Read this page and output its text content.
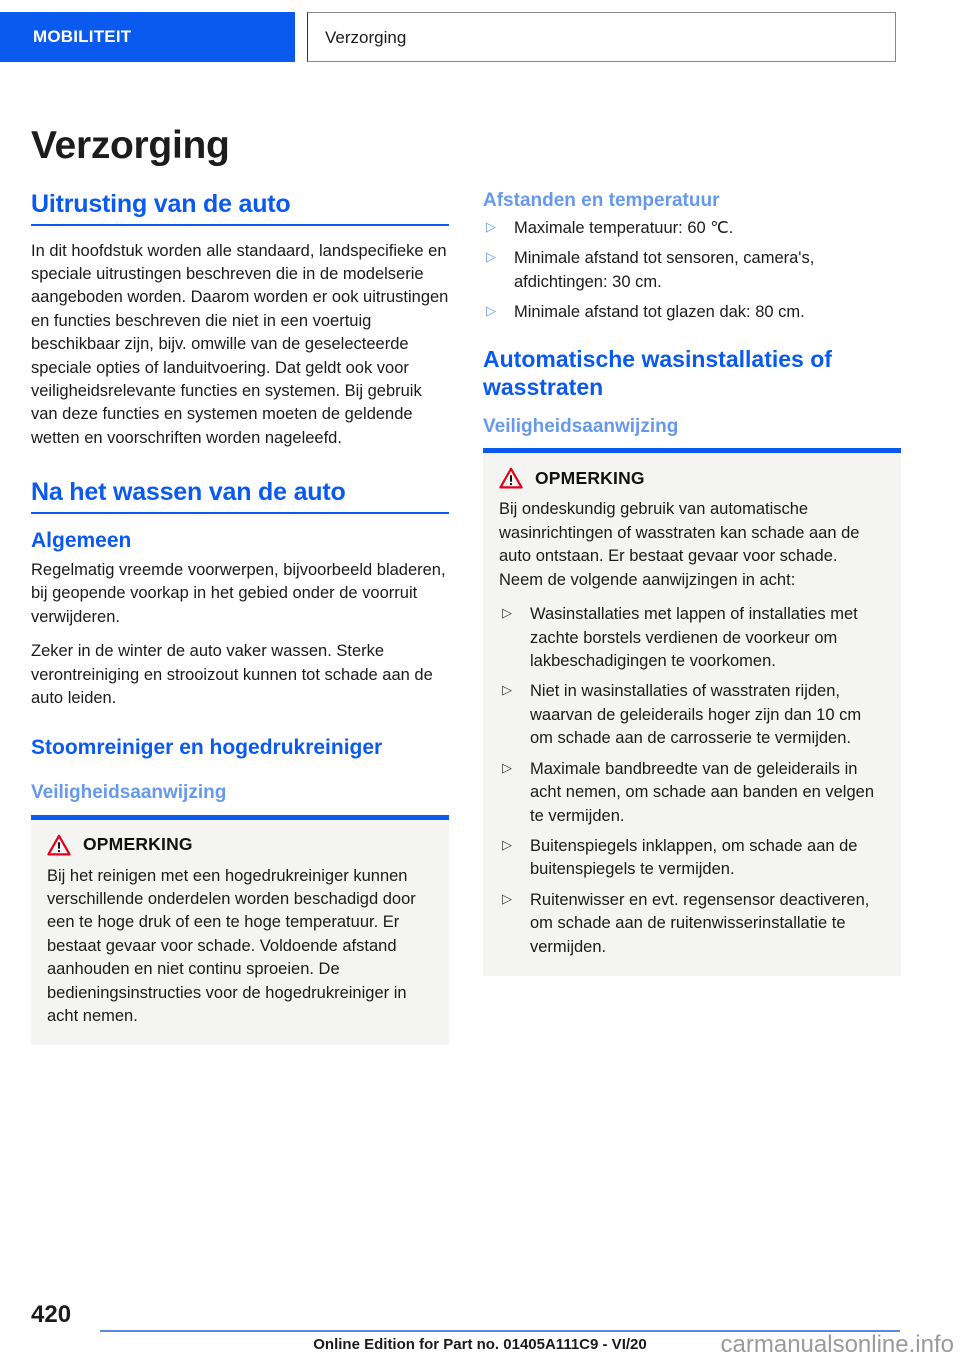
MOBILITEIT	Verzorging
Verzorging
Uitrusting van de auto

In dit hoofdstuk worden alle standaard, landspecifieke en speciale uitrustingen beschreven die in de modelserie aangeboden worden. Daarom worden er ook uitrustingen en functies beschreven die niet in een voertuig beschikbaar zijn, bijv. omwille van de geselecteerde speciale opties of landuitvoering. Dat geldt ook voor veiligheidsrelevante functies en systemen. Bij gebruik van deze functies en systemen moeten de geldende wetten en voorschriften worden nageleefd.

Na het wassen van de auto
Algemeen

Regelmatig vreemde voorwerpen, bijvoorbeeld bladeren, bij geopende voorkap in het gebied onder de voorruit verwijderen.

Zeker in de winter de auto vaker wassen. Sterke verontreiniging en strooizout kunnen tot schade aan de auto leiden.

Stoomreiniger en hogedrukreiniger
Veiligheidsaanwijzing
OPMERKING

Bij het reinigen met een hogedrukreiniger kunnen verschillende onderdelen worden beschadigd door een te hoge druk of een te hoge temperatuur. Er bestaat gevaar voor schade. Voldoende afstand aanhouden en niet continu sproeien. De bedieningsinstructies voor de hogedrukreiniger in acht nemen.

Afstanden en temperatuur
▷ Maximale temperatuur: 60 ℃.
▷ Minimale afstand tot sensoren, camera's, afdichtingen: 30 cm.
▷ Minimale afstand tot glazen dak: 80 cm.
Automatische wasinstallaties of wasstraten
Veiligheidsaanwijzing
OPMERKING

Bij ondeskundig gebruik van automatische wasinrichtingen of wasstraten kan schade aan de auto ontstaan. Er bestaat gevaar voor schade. Neem de volgende aanwijzingen in acht:

▷ Wasinstallaties met lappen of installaties met zachte borstels verdienen de voorkeur om lakbeschadigingen te voorkomen.
▷ Niet in wasinstallaties of wasstraten rijden, waarvan de geleiderails hoger zijn dan 10 cm om schade aan de carrosserie te vermijden.
▷ Maximale bandbreedte van de geleiderails in acht nemen, om schade aan banden en velgen te vermijden.
▷ Buitenspiegels inklappen, om schade aan de buitenspiegels te vermijden.
▷ Ruitenwisser en evt. regensensor deactiveren, om schade aan de ruitenwisserinstallatie te vermijden.
420
Online Edition for Part no. 01405A111C9 - VI/20	carmanualsonline.info
